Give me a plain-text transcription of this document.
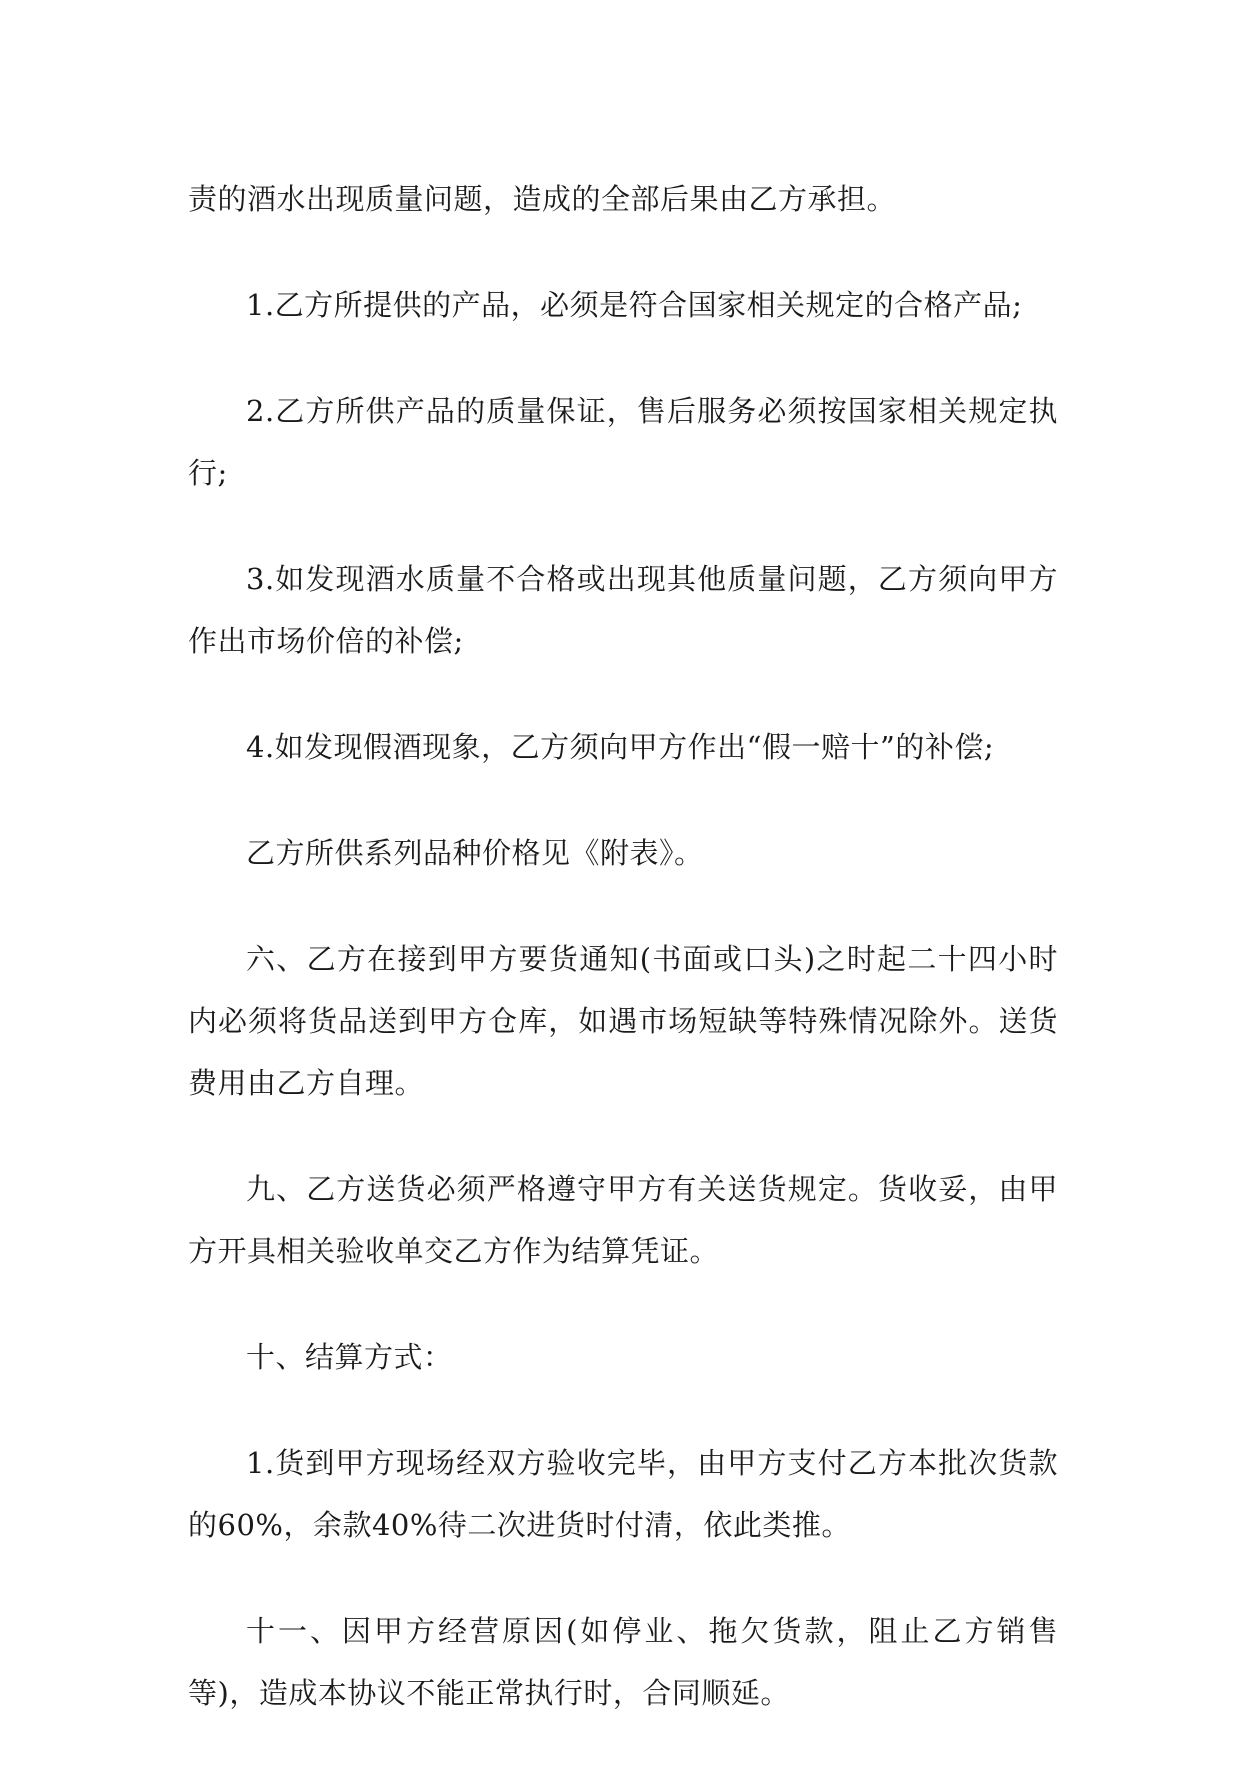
责的酒水出现质量问题，造成的全部后果由乙方承担。

1.乙方所提供的产品，必须是符合国家相关规定的合格产品;

2.乙方所供产品的质量保证，售后服务必须按国家相关规定执行;

3.如发现酒水质量不合格或出现其他质量问题，乙方须向甲方作出市场价倍的补偿;

4.如发现假酒现象，乙方须向甲方作出“假一赔十”的补偿;

乙方所供系列品种价格见《附表》。

六、乙方在接到甲方要货通知(书面或口头)之时起二十四小时内必须将货品送到甲方仓库，如遇市场短缺等特殊情况除外。送货费用由乙方自理。

九、乙方送货必须严格遵守甲方有关送货规定。货收妥，由甲方开具相关验收单交乙方作为结算凭证。

十、结算方式：

1.货到甲方现场经双方验收完毕，由甲方支付乙方本批次货款的60%，余款40%待二次进货时付清，依此类推。

十一、因甲方经营原因(如停业、拖欠货款，阻止乙方销售等)，造成本协议不能正常执行时，合同顺延。
